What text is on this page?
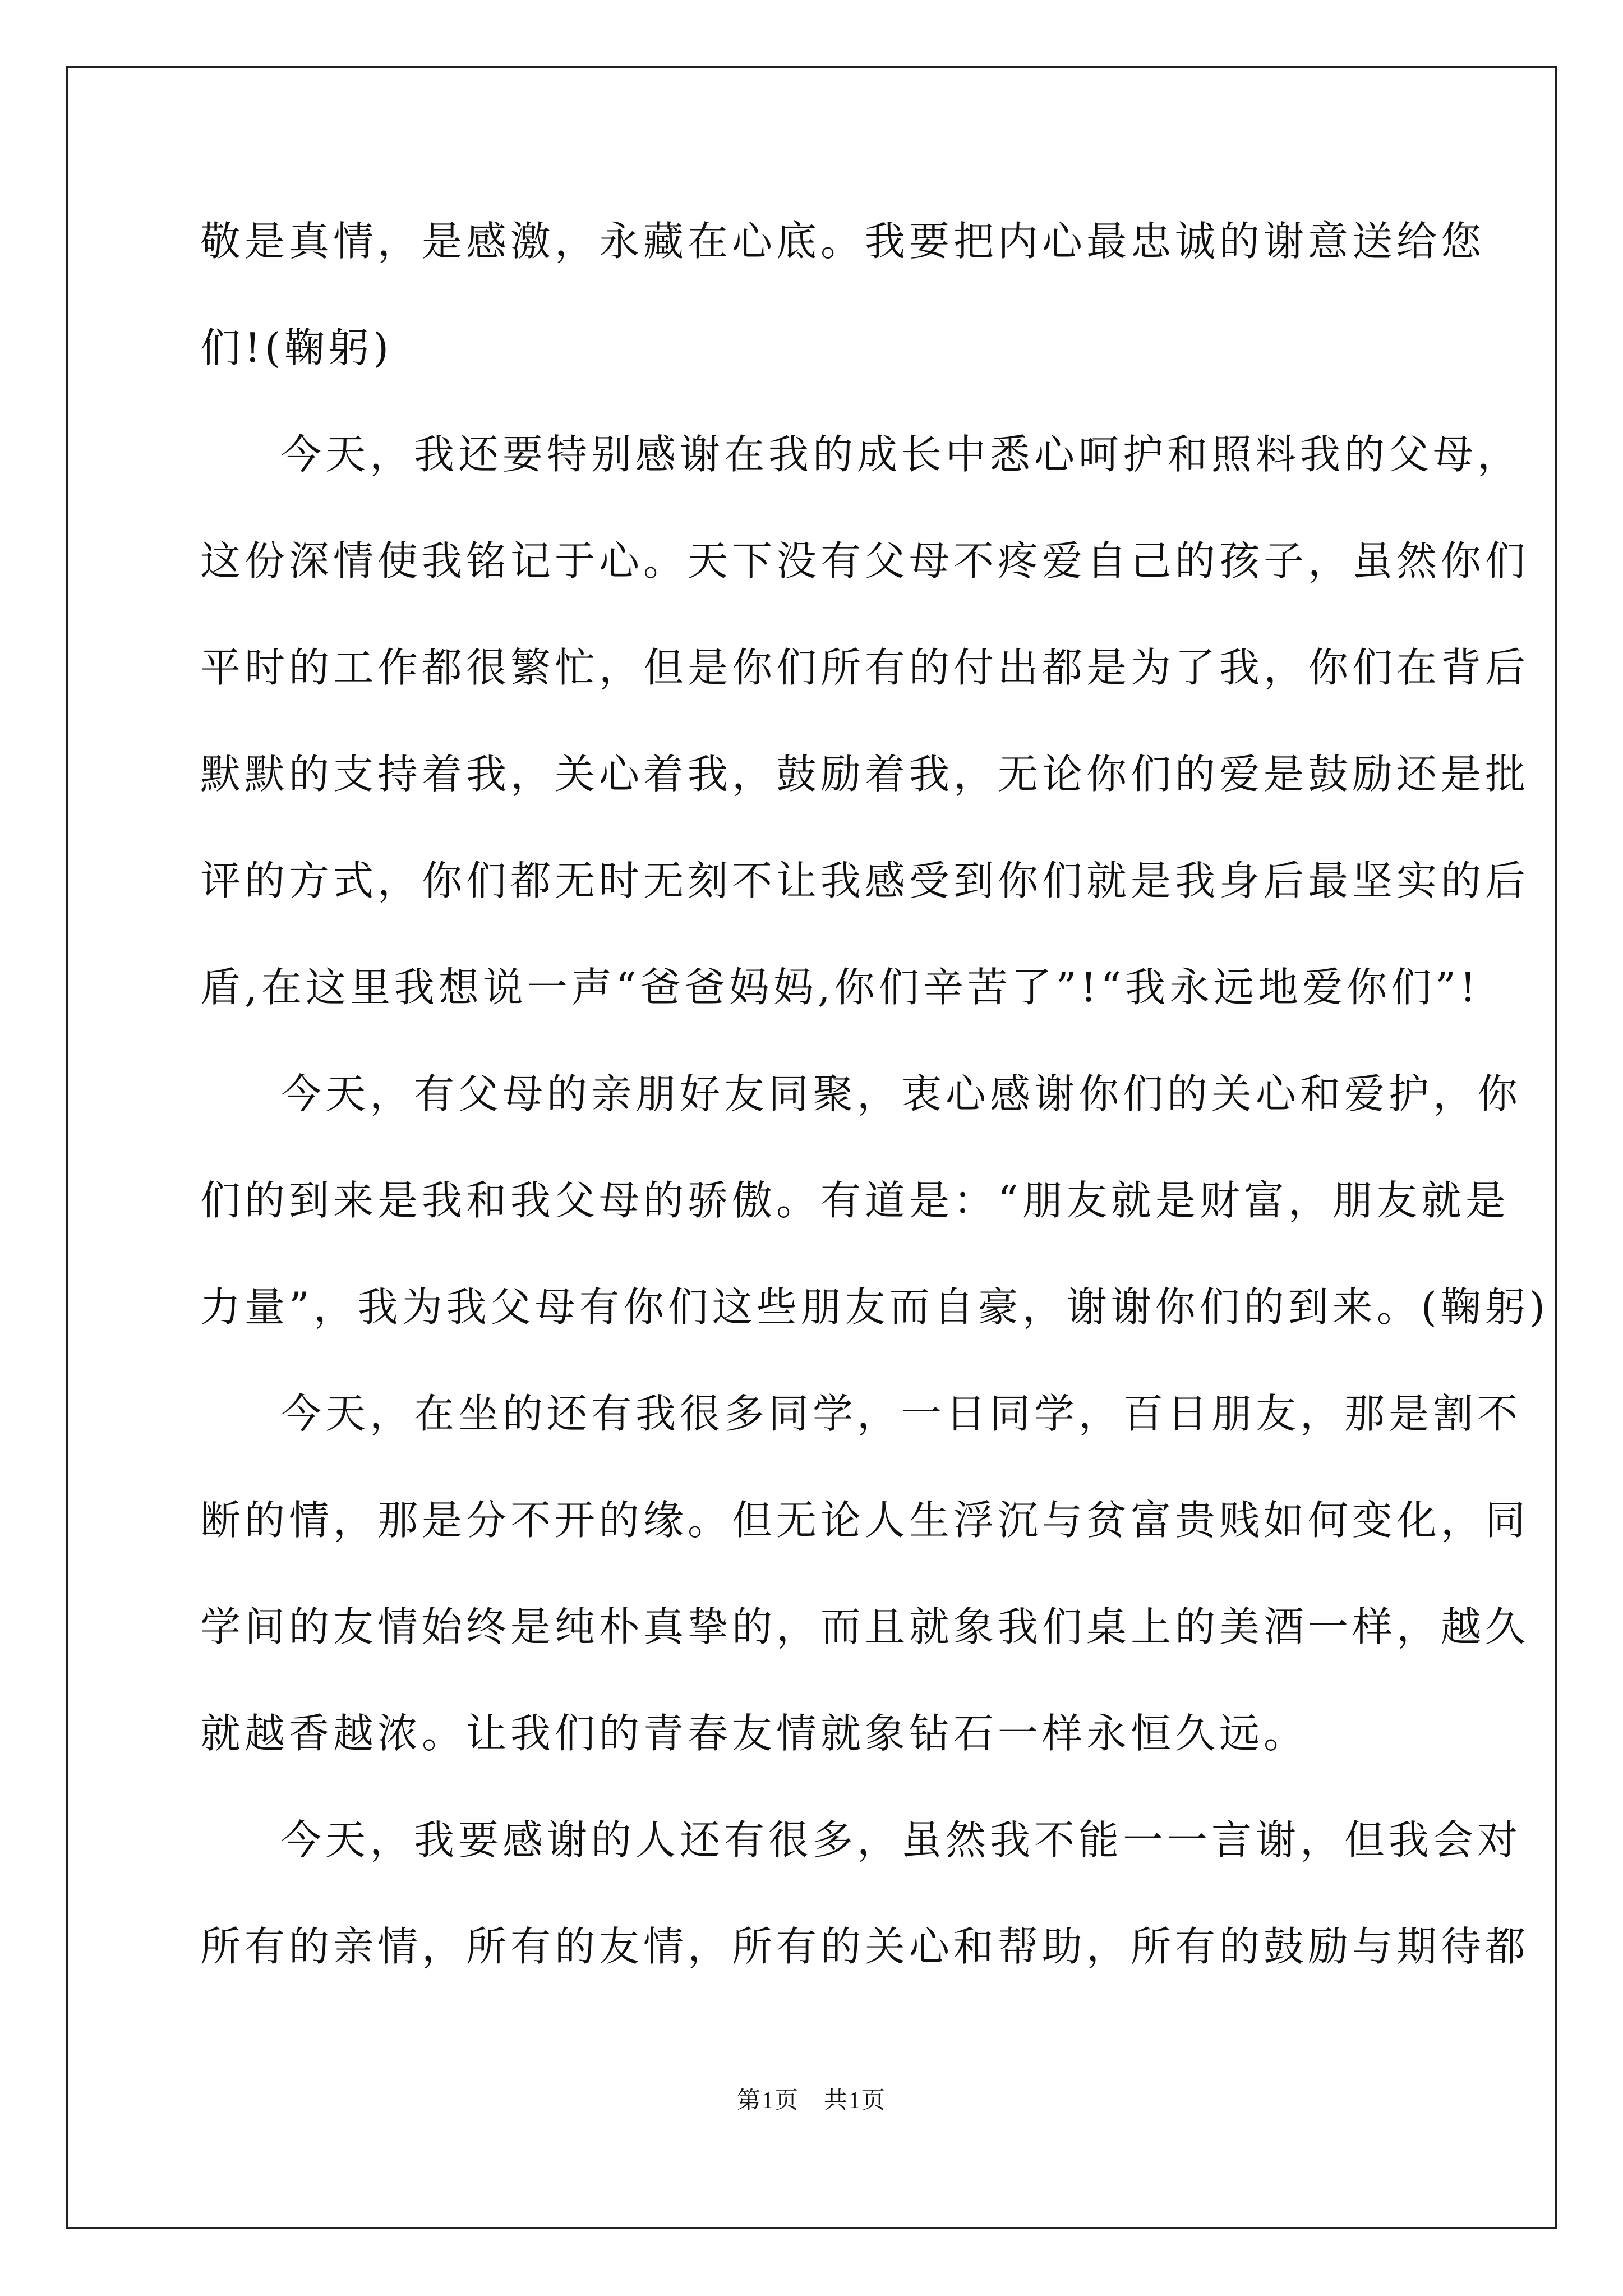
敬是真情，是感激，永藏在心底。我要把内心最忠诚的谢意送给您
们!(鞠躬)
今天，我还要特别感谢在我的成长中悉心呵护和照料我的父母，
这份深情使我铭记于心。天下没有父母不疼爱自己的孩子，虽然你们
平时的工作都很繁忙，但是你们所有的付出都是为了我，你们在背后
默默的支持着我，关心着我，鼓励着我，无论你们的爱是鼓励还是批
评的方式，你们都无时无刻不让我感受到你们就是我身后最坚实的后
盾,在这里我想说一声“爸爸妈妈,你们辛苦了”!“我永远地爱你们”!
今天，有父母的亲朋好友同聚，衷心感谢你们的关心和爱护，你
们的到来是我和我父母的骄傲。有道是：“朋友就是财富，朋友就是
力量”，我为我父母有你们这些朋友而自豪，谢谢你们的到来。(鞠躬)
今天，在坐的还有我很多同学，一日同学，百日朋友，那是割不
断的情，那是分不开的缘。但无论人生浮沉与贫富贵贱如何变化，同
学间的友情始终是纯朴真挚的，而且就象我们桌上的美酒一样，越久
就越香越浓。让我们的青春友情就象钻石一样永恒久远。
今天，我要感谢的人还有很多，虽然我不能一一言谢，但我会对
所有的亲情，所有的友情，所有的关心和帮助，所有的鼓励与期待都
第1页　共1页
